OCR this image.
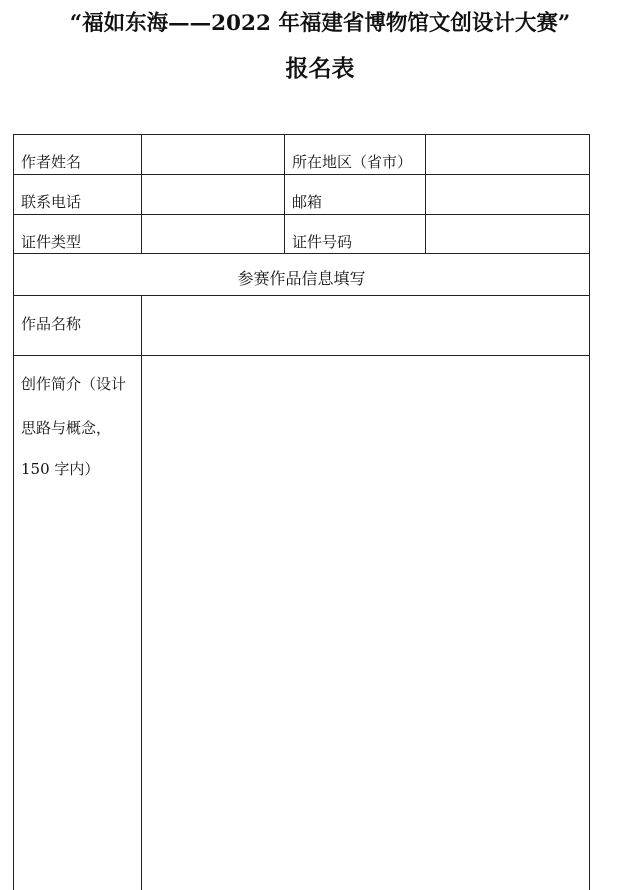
“福如东海——2022 年福建省博物馆文创设计大赛”
报名表
作者姓名	所在地区（省市）
联系电话	邮箱
证件类型	证件号码
参赛作品信息填写
作品名称
创作简介（设计
思路与概念，
150 字内）
